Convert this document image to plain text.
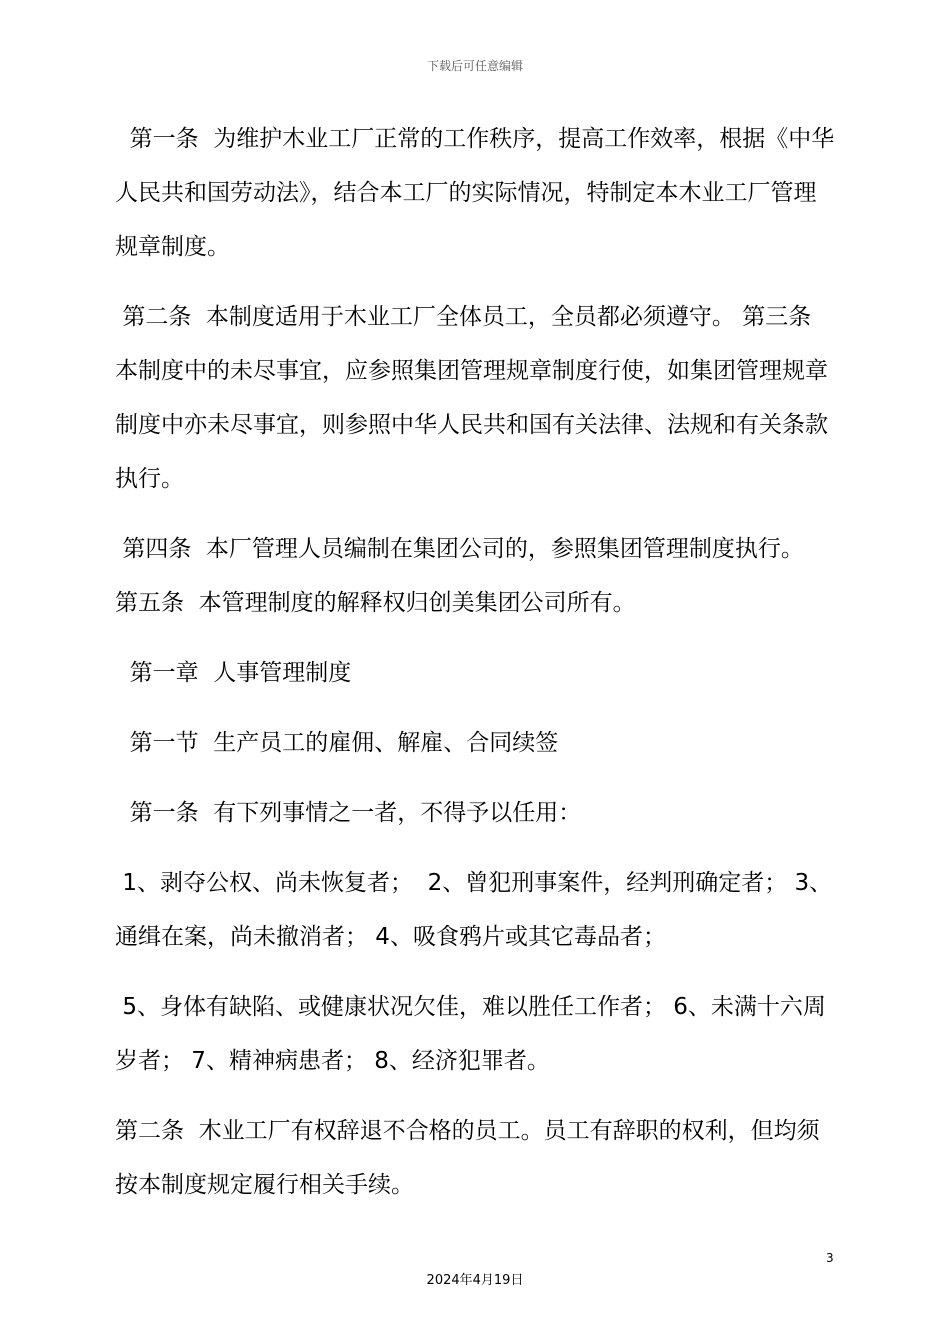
下载后可任意编辑

第一条  为维护木业工厂正常的工作秩序，提高工作效率，根据《中华人民共和国劳动法》，结合本工厂的实际情况，特制定本木业工厂管理规章制度。

第二条  本制度适用于木业工厂全体员工，全员都必须遵守。 第三条  本制度中的未尽事宜，应参照集团管理规章制度行使，如集团管理规章制度中亦未尽事宜，则参照中华人民共和国有关法律、法规和有关条款执行。

第四条  本厂管理人员编制在集团公司的，参照集团管理制度执行。

第五条  本管理制度的解释权归创美集团公司所有。

第一章  人事管理制度

第一节  生产员工的雇佣、解雇、合同续签

第一条  有下列事情之一者，不得予以任用：

1、剥夺公权、尚未恢复者；  2、曾犯刑事案件，经判刑确定者； 3、通缉在案，尚未撤消者； 4、吸食鸦片或其它毒品者；

5、身体有缺陷、或健康状况欠佳，难以胜任工作者； 6、未满十六周岁者； 7、精神病患者； 8、经济犯罪者。

第二条  木业工厂有权辞退不合格的员工。员工有辞职的权利，但均须按本制度规定履行相关手续。

3
2024年4月19日
